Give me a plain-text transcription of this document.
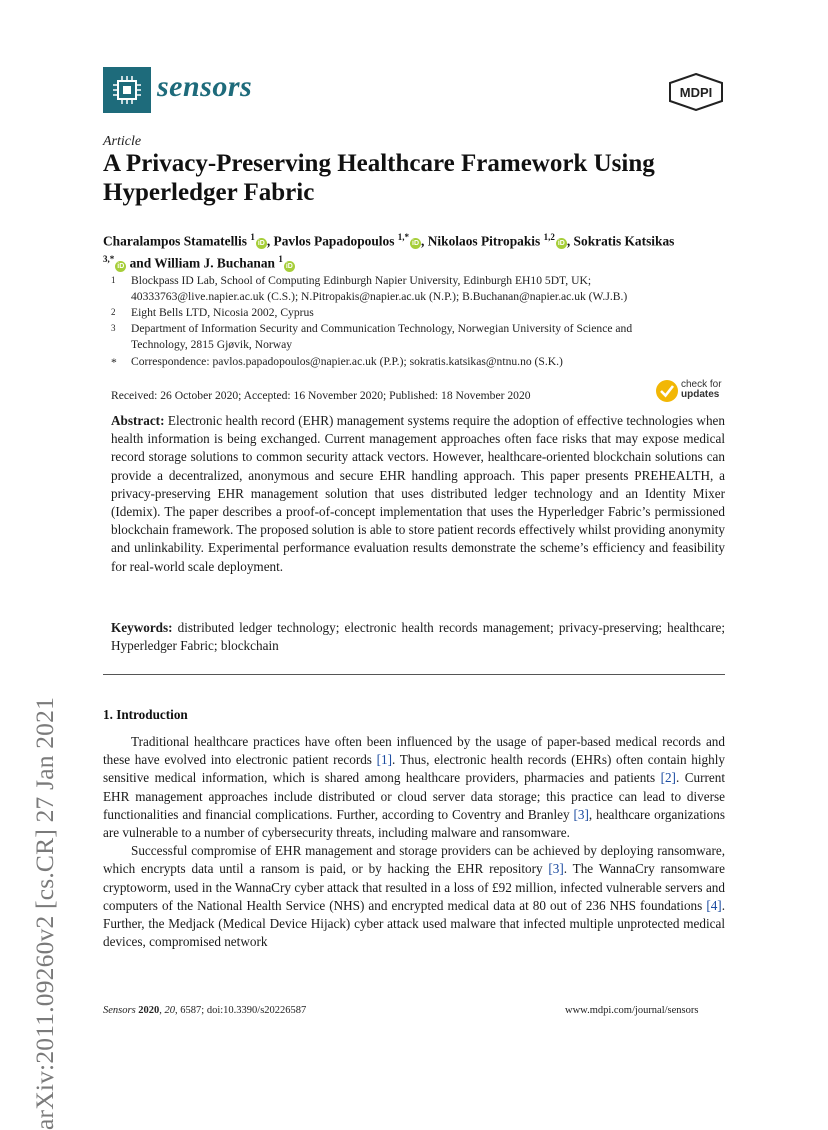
arXiv:2011.09260v2 [cs.CR] 27 Jan 2021
sensors	MDPI
Article
A Privacy-Preserving Healthcare Framework Using Hyperledger Fabric
Charalampos Stamatellis $^1$iD , Pavlos Papadopoulos $^{1,*}$iD , Nikolaos Pitropakis $^{1,2}$iD , Sokratis Katsikas
$^{3,*}$iD and William J. Buchanan $^1$iD
$^1$ Blockpass ID Lab, School of Computing Edinburgh Napier University, Edinburgh EH10 5DT, UK;
40333763@live.napier.ac.uk (C.S.); N.Pitropakis@napier.ac.uk (N.P.); B.Buchanan@napier.ac.uk (W.J.B.)
$^2$ Eight Bells LTD, Nicosia 2002, Cyprus
$^3$ Department of Information Security and Communication Technology, Norwegian University of Science and
Technology, 2815 Gjøvik, Norway
* Correspondence: pavlos.papadopoulos@napier.ac.uk (P.P.); sokratis.katsikas@ntnu.no (S.K.)
check for
updates
Received: 26 October 2020; Accepted: 16 November 2020; Published: 18 November 2020
Abstract: Electronic health record (EHR) management systems require the adoption of effective technologies when health information is being exchanged. Current management approaches often face risks that may expose medical record storage solutions to common security attack vectors. However, healthcare-oriented blockchain solutions can provide a decentralized, anonymous and secure EHR handling approach. This paper presents PREHEALTH, a privacy-preserving EHR management solution that uses distributed ledger technology and an Identity Mixer (Idemix). The paper describes a proof-of-concept implementation that uses the Hyperledger Fabric’s permissioned blockchain framework. The proposed solution is able to store patient records effectively whilst providing anonymity and unlinkability. Experimental performance evaluation results demonstrate the scheme’s efficiency and feasibility for real-world scale deployment.
Keywords: distributed ledger technology; electronic health records management; privacy-preserving; healthcare; Hyperledger Fabric; blockchain
1. Introduction

Traditional healthcare practices have often been influenced by the usage of paper-based medical records and these have evolved into electronic patient records [1]. Thus, electronic health records (EHRs) often contain highly sensitive medical information, which is shared among healthcare providers, pharmacies and patients [2]. Current EHR management approaches include distributed or cloud server data storage; this practice can lead to diverse functionalities and financial complications. Further, according to Coventry and Branley [3], healthcare organizations are vulnerable to a number of cybersecurity threats, including malware and ransomware.

Successful compromise of EHR management and storage providers can be achieved by deploying ransomware, which encrypts data until a ransom is paid, or by hacking the EHR repository [3]. The WannaCry ransomware cryptoworm, used in the WannaCry cyber attack that resulted in a loss of £92 million, infected vulnerable servers and computers of the National Health Service (NHS) and encrypted medical data at 80 out of 236 NHS foundations [4]. Further, the Medjack (Medical Device Hijack) cyber attack used malware that infected multiple unprotected medical devices, compromised network

Sensors 2020, 20, 6587; doi:10.3390/s20226587	www.mdpi.com/journal/sensors
